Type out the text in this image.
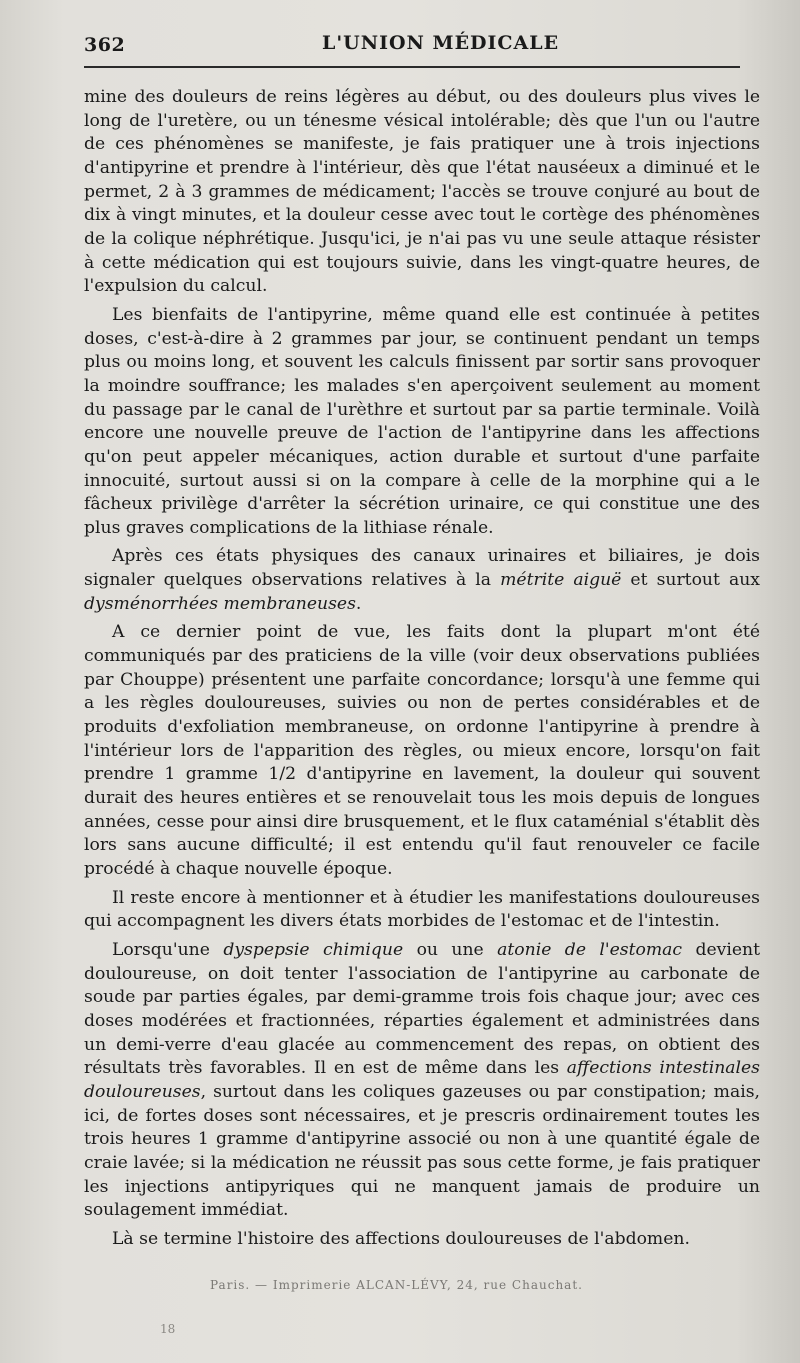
362	L'UNION MÉDICALE

mine des douleurs de reins légères au début, ou des douleurs plus vives le long de l'uretère, ou un ténesme vésical intolérable; dès que l'un ou l'autre de ces phénomènes se manifeste, je fais pratiquer une à trois injections d'antipyrine et prendre à l'intérieur, dès que l'état nauséeux a diminué et le permet, 2 à 3 grammes de médicament; l'accès se trouve conjuré au bout de dix à vingt minutes, et la douleur cesse avec tout le cortège des phénomènes de la colique néphrétique. Jusqu'ici, je n'ai pas vu une seule attaque résister à cette médication qui est toujours suivie, dans les vingt-quatre heures, de l'expulsion du calcul.

Les bienfaits de l'antipyrine, même quand elle est continuée à petites doses, c'est-à-dire à 2 grammes par jour, se continuent pendant un temps plus ou moins long, et souvent les calculs finissent par sortir sans provoquer la moindre souffrance; les malades s'en aperçoivent seulement au moment du passage par le canal de l'urèthre et surtout par sa partie terminale. Voilà encore une nouvelle preuve de l'action de l'antipyrine dans les affections qu'on peut appeler mécaniques, action durable et surtout d'une parfaite innocuité, surtout aussi si on la compare à celle de la morphine qui a le fâcheux privilège d'arrêter la sécrétion urinaire, ce qui constitue une des plus graves complications de la lithiase rénale.

Après ces états physiques des canaux urinaires et biliaires, je dois signaler quelques observations relatives à la métrite aiguë et surtout aux dysménorrhées membraneuses.

A ce dernier point de vue, les faits dont la plupart m'ont été communiqués par des praticiens de la ville (voir deux observations publiées par Chouppe) présentent une parfaite concordance; lorsqu'à une femme qui a les règles douloureuses, suivies ou non de pertes considérables et de produits d'exfoliation membraneuse, on ordonne l'antipyrine à prendre à l'intérieur lors de l'apparition des règles, ou mieux encore, lorsqu'on fait prendre 1 gramme 1/2 d'antipyrine en lavement, la douleur qui souvent durait des heures entières et se renouvelait tous les mois depuis de longues années, cesse pour ainsi dire brusquement, et le flux cataménial s'établit dès lors sans aucune difficulté; il est entendu qu'il faut renouveler ce facile procédé à chaque nouvelle époque.

Il reste encore à mentionner et à étudier les manifestations douloureuses qui accompagnent les divers états morbides de l'estomac et de l'intestin.

Lorsqu'une dyspepsie chimique ou une atonie de l'estomac devient douloureuse, on doit tenter l'association de l'antipyrine au carbonate de soude par parties égales, par demi-gramme trois fois chaque jour; avec ces doses modérées et fractionnées, réparties également et administrées dans un demi-verre d'eau glacée au commencement des repas, on obtient des résultats très favorables. Il en est de même dans les affections intestinales douloureuses, surtout dans les coliques gazeuses ou par constipation; mais, ici, de fortes doses sont nécessaires, et je prescris ordinairement toutes les trois heures 1 gramme d'antipyrine associé ou non à une quantité égale de craie lavée; si la médication ne réussit pas sous cette forme, je fais pratiquer les injections antipyriques qui ne manquent jamais de produire un soulagement immédiat.

Là se termine l'histoire des affections douloureuses de l'abdomen.

Paris. — Imprimerie ALCAN-LÉVY, 24, rue Chauchat.
18
